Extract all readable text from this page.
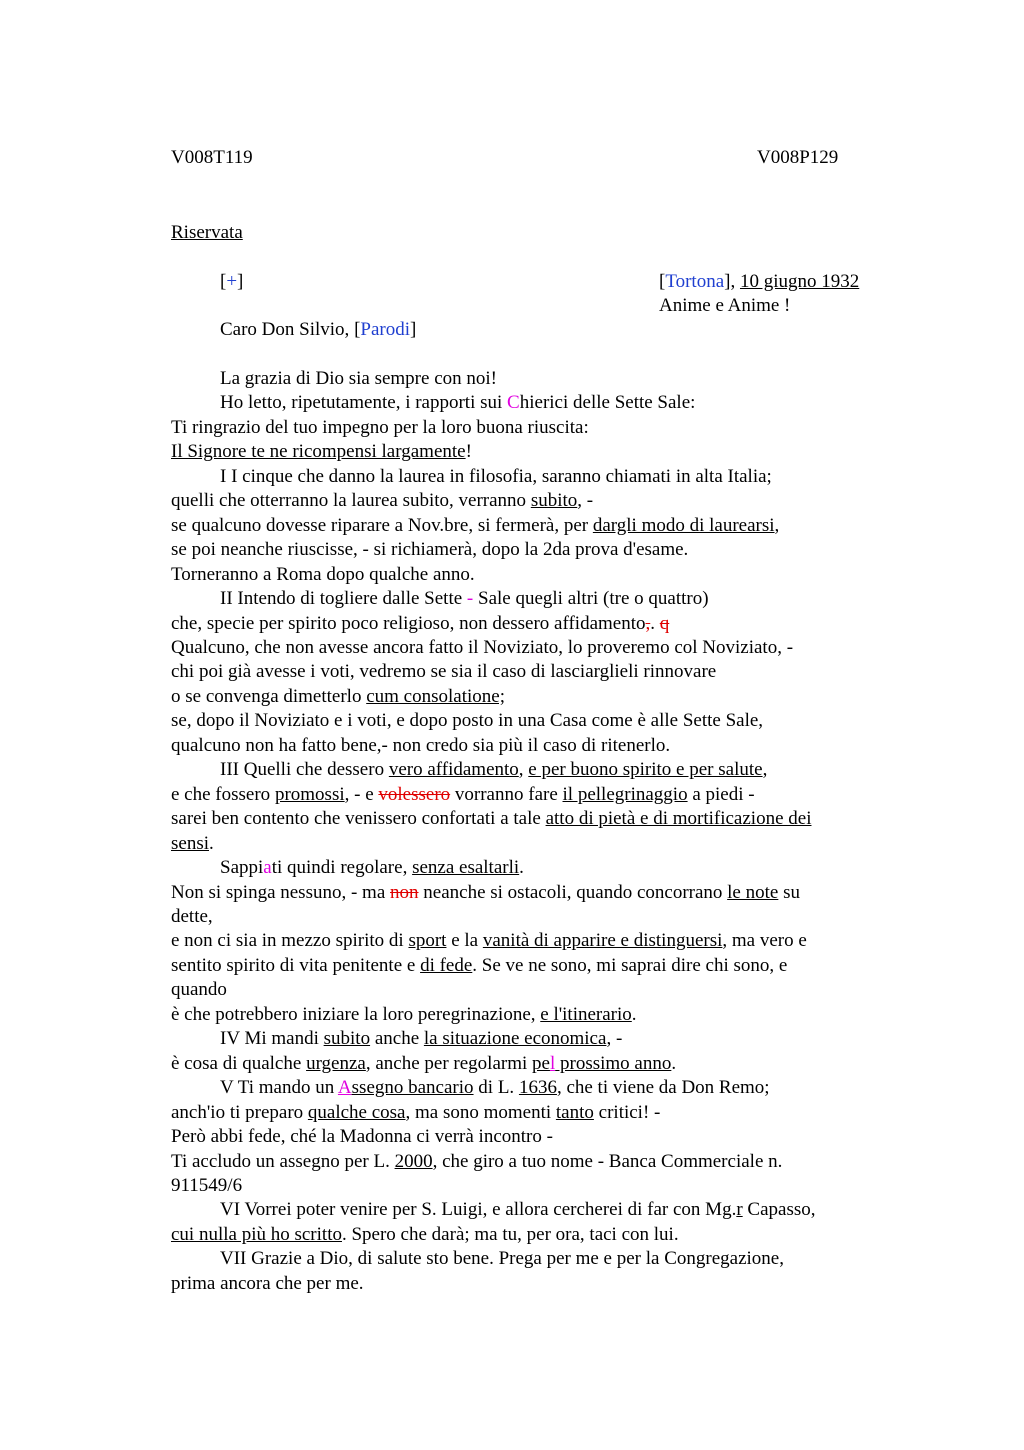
V008T119	V008P129
Riservata
[+]	[Tortona], 10 giugno 1932
Anime e Anime !
Caro Don Silvio, [Parodi]
La grazia di Dio sia sempre con noi!
Ho letto, ripetutamente, i rapporti sui Chierici delle Sette Sale:
Ti ringrazio del tuo impegno per la loro buona riuscita:
Il Signore te ne ricompensi largamente!
I I cinque che danno la laurea in filosofia, saranno chiamati in alta Italia;
quelli che otterranno la laurea subito, verranno subito, -
se qualcuno dovesse riparare a Nov.bre, si fermerà, per dargli modo di laurearsi,
se poi neanche riuscisse, - si richiamerà, dopo la 2da prova d'esame.
Torneranno a Roma dopo qualche anno.
II Intendo di togliere dalle Sette - Sale quegli altri (tre o quattro)
che, specie per spirito poco religioso, non dessero affidamento,. q
Qualcuno, che non avesse ancora fatto il Noviziato, lo proveremo col Noviziato, -
chi poi già avesse i voti, vedremo se sia il caso di lasciarglieli rinnovare
o se convenga dimetterlo cum consolatione;
se, dopo il Noviziato e i voti, e dopo posto in una Casa come è alle Sette Sale,
qualcuno non ha fatto bene,- non credo sia più il caso di ritenerlo.
III Quelli che dessero vero affidamento, e per buono spirito e per salute,
e che fossero promossi, - e volessero vorranno fare il pellegrinaggio a piedi -
sarei ben contento che venissero confortati a tale atto di pietà e di mortificazione dei
sensi.
Sappiati quindi regolare, senza esaltarli.
Non si spinga nessuno, - ma non neanche si ostacoli, quando concorrano le note su
dette,
e non ci sia in mezzo spirito di sport e la vanità di apparire e distinguersi, ma vero e
sentito spirito di vita penitente e di fede. Se ve ne sono, mi saprai dire chi sono, e
quando
è che potrebbero iniziare la loro peregrinazione, e l'itinerario.
IV Mi mandi subito anche la situazione economica, -
è cosa di qualche urgenza, anche per regolarmi pel prossimo anno.
V Ti mando un Assegno bancario di L. 1636, che ti viene da Don Remo;
anch'io ti preparo qualche cosa, ma sono momenti tanto critici! -
Però abbi fede, ché la Madonna ci verrà incontro -
Ti accludo un assegno per L. 2000, che giro a tuo nome - Banca Commerciale n.
911549/6
VI Vorrei poter venire per S. Luigi, e allora cercherei di far con Mg.r Capasso,
cui nulla più ho scritto. Spero che darà; ma tu, per ora, taci con lui.
VII Grazie a Dio, di salute sto bene. Prega per me e per la Congregazione,
prima ancora che per me.
